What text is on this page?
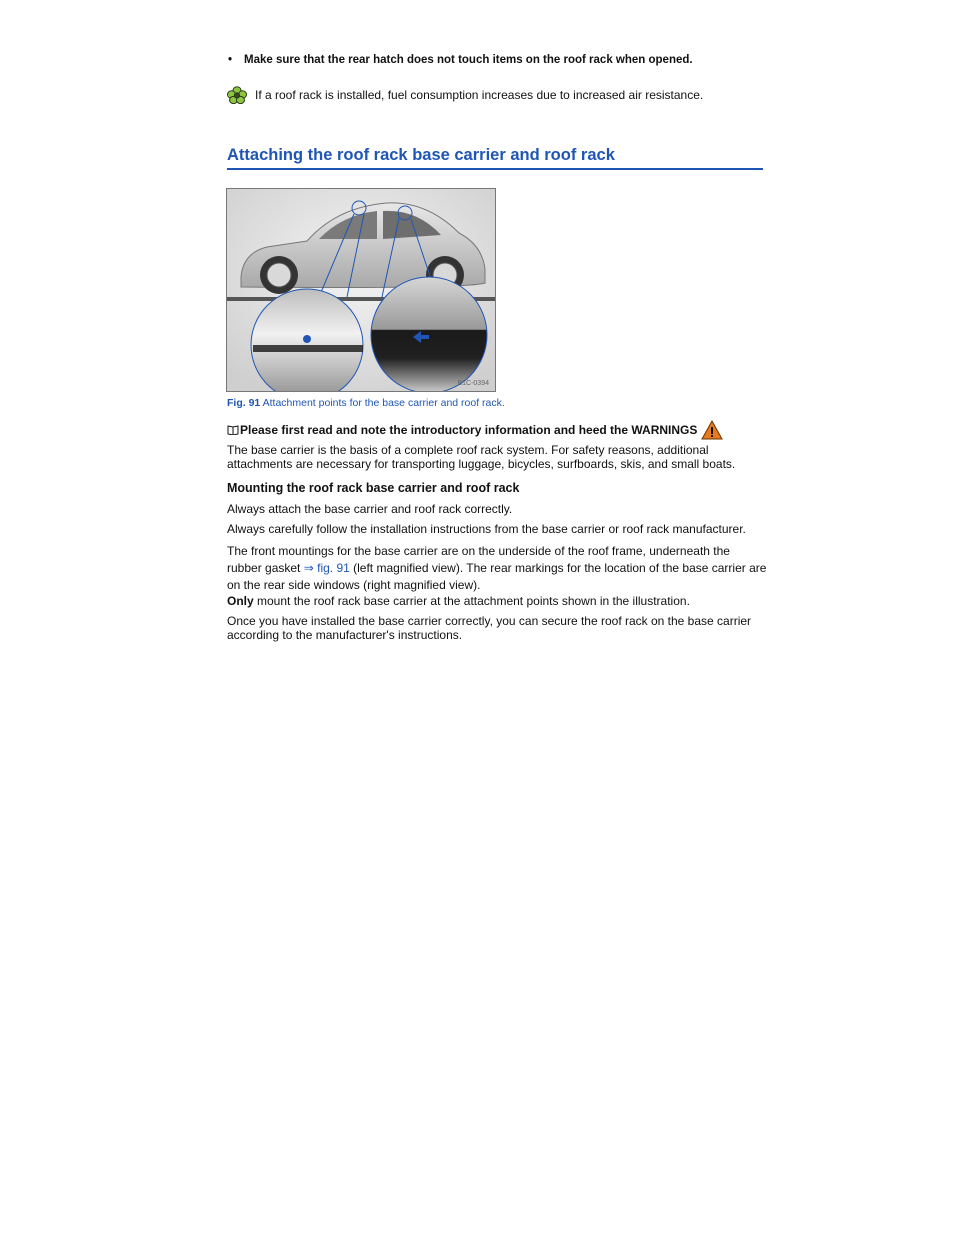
•	Make sure that the rear hatch does not touch items on the roof rack when opened.
If a roof rack is installed, fuel consumption increases due to increased air resistance.
Attaching the roof rack base carrier and roof rack
B1C-0394
Fig. 91 Attachment points for the base carrier and roof rack.
Please first read and note the introductory information and heed the WARNINGS
The base carrier is the basis of a complete roof rack system. For safety reasons, additional attachments are necessary for transporting luggage, bicycles, surfboards, skis, and small boats.
Mounting the roof rack base carrier and roof rack
Always attach the base carrier and roof rack correctly.
Always carefully follow the installation instructions from the base carrier or roof rack manufacturer.
The front mountings for the base carrier are on the underside of the roof frame, underneath the rubber gasket ⇒ fig. 91 (left magnified view). The rear markings for the location of the base carrier are on the rear side windows (right magnified view).
Only mount the roof rack base carrier at the attachment points shown in the illustration.
Once you have installed the base carrier correctly, you can secure the roof rack on the base carrier according to the manufacturer's instructions.
